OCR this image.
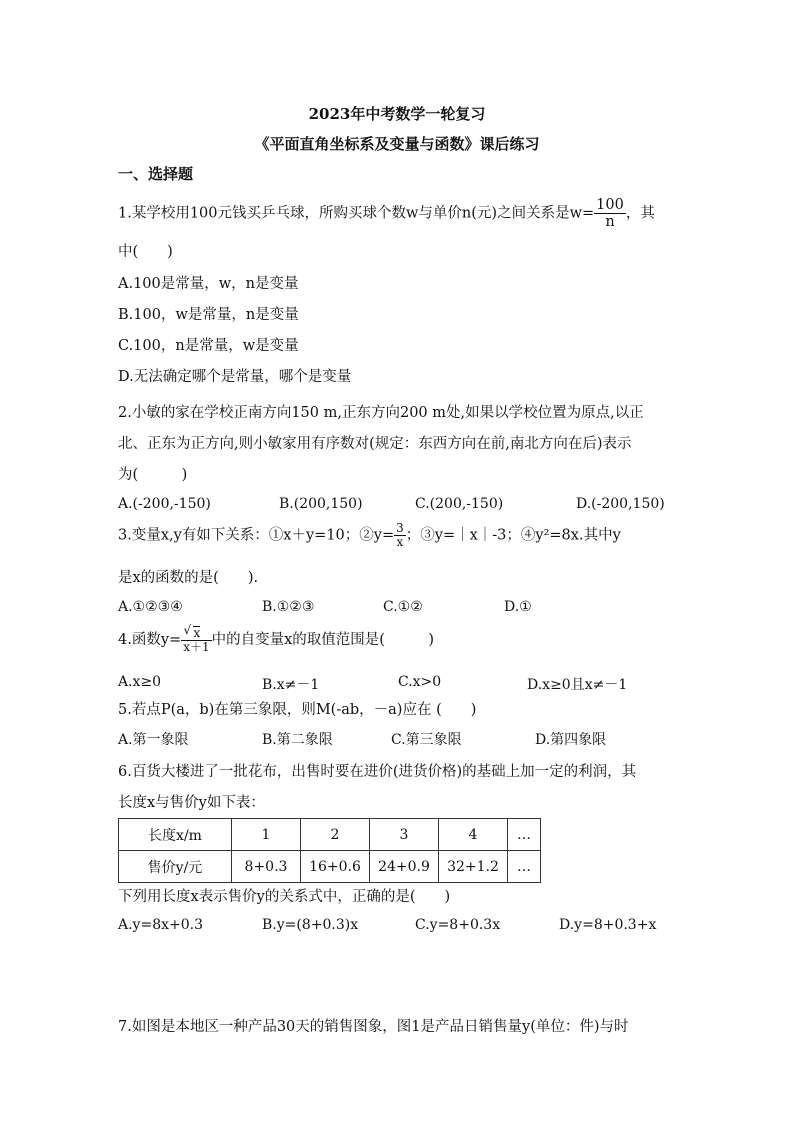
2023年中考数学一轮复习
《平面直角坐标系及变量与函数》课后练习
一、选择题
1.某学校用100元钱买乒乓球，所购买球个数w与单价n(元)之间关系是$w= \frac{100}{n}$ ，其
中(　　)
A.100是常量，w，n是变量
B.100，w是常量，n是变量
C.100，n是常量，w是变量
D.无法确定哪个是常量，哪个是变量
2.小敏的家在学校正南方向150 m,正东方向200 m处,如果以学校位置为原点,以正
北、正东为正方向,则小敏家用有序数对(规定：东西方向在前,南北方向在后)表示
为(　　　)
A.(-200,-150)	B.(200,150)	C.(200,-150)	D.(-200,150)
3.变量x,y有如下关系：①x＋y=10；②y= $\frac{3}{x}$ ；③y=｜x｜-3；④y²=8x.其中y
是x的函数的是(　　).
A.①②③④	B.①②③	C.①②	D.①
4.函数y= √ $\frac{x}{x+1}$ 中的自变量x的取值范围是(　　　)
A.x≥0	B.x≠－1	C.x>0	D.x≥0且x≠－1
5.若点P(a，b)在第三象限，则M(-ab，－a)应在 (　　)
A.第一象限	B.第二象限	C.第三象限	D.第四象限
6.百货大楼进了一批花布，出售时要在进价(进货价格)的基础上加一定的利润，其
长度x与售价y如下表：
长度x/m	1	2	3	4	…
售价y/元	8+0.3	16+0.6	24+0.9	32+1.2	…
下列用长度x表示售价y的关系式中，正确的是(　　)
A.y=8x+0.3	B.y=(8+0.3)x	C.y=8+0.3x	D.y=8+0.3+x
7.如图是本地区一种产品30天的销售图象，图1是产品日销售量y(单位：件)与时
